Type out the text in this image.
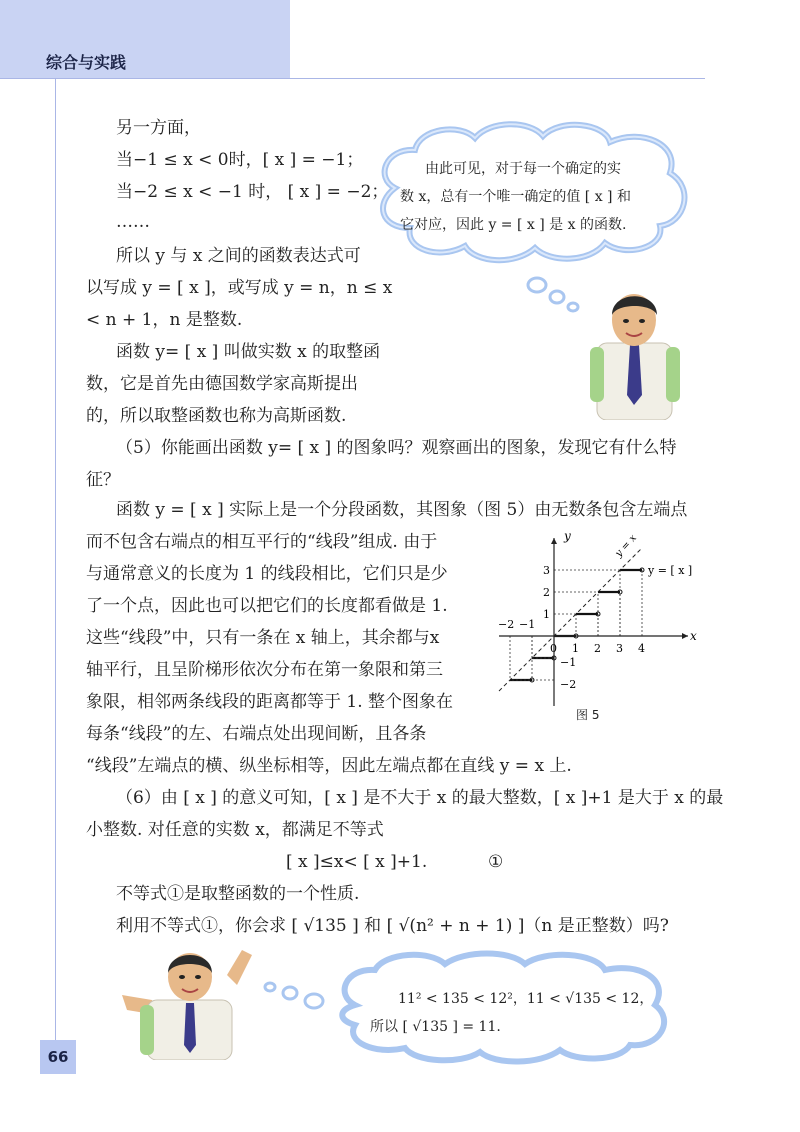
综合与实践
由此可见，对于每一个确定的实
数 x，总有一个唯一确定的值 [ x ] 和
它对应，因此 y = [ x ] 是 x 的函数.
另一方面，
当−1 ≤ x < 0时，[ x ] = −1；
当−2 ≤ x < −1 时， [ x ] = −2；
……
所以 y 与 x 之间的函数表达式可
以写成 y = [ x ]，或写成 y = n，n ≤ x
< n + 1，n 是整数.
函数 y= [ x ] 叫做实数 x 的取整函
数，它是首先由德国数学家高斯提出
的，所以取整函数也称为高斯函数.
（5）你能画出函数 y= [ x ] 的图象吗？观察画出的图象，发现它有什么特
征？
函数 y = [ x ] 实际上是一个分段函数，其图象（图 5）由无数条包含左端点
而不包含右端点的相互平行的“线段”组成. 由于
与通常意义的长度为 1 的线段相比，它们只是少
了一个点，因此也可以把它们的长度都看做是 1.
这些“线段”中，只有一条在 x 轴上，其余都与x
轴平行，且呈阶梯形依次分布在第一象限和第三
象限，相邻两条线段的距离都等于 1. 整个图象在
每条“线段”的左、右端点处出现间断，且各条
“线段”左端点的横、纵坐标相等，因此左端点都在直线 y = x 上.
（6）由 [ x ] 的意义可知，[ x ] 是不大于 x 的最大整数，[ x ]+1 是大于 x 的最
小整数. 对任意的实数 x，都满足不等式
[ x ]≤x< [ x ]+1.	①
不等式①是取整函数的一个性质.
利用不等式①，你会求 [ √135 ] 和 [ √(n² + n + 1) ]（n 是正整数）吗?
y
x
y = x
y = [ x ]
−2 −1
0 1 2 3 4
1
2
3
−1
−2
图 5
11² < 135 < 12²，11 < √135 < 12，
所以 [ √135 ] = 11.
66
